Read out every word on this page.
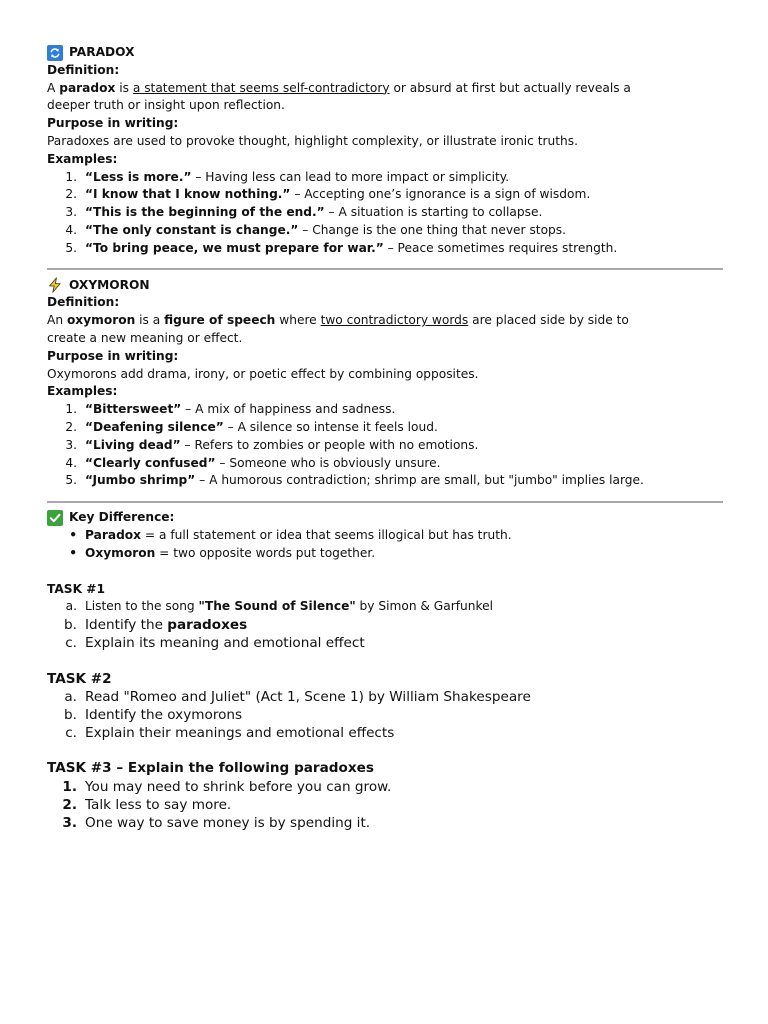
PARADOX

Definition:

A paradox is a statement that seems self-contradictory or absurd at first but actually reveals a

deeper truth or insight upon reflection.

Purpose in writing:

Paradoxes are used to provoke thought, highlight complexity, or illustrate ironic truths.

Examples:

1. “Less is more.” – Having less can lead to more impact or simplicity.
2. “I know that I know nothing.” – Accepting one’s ignorance is a sign of wisdom.
3. “This is the beginning of the end.” – A situation is starting to collapse.
4. “The only constant is change.” – Change is the one thing that never stops.
5. “To bring peace, we must prepare for war.” – Peace sometimes requires strength.
OXYMORON

Definition:

An oxymoron is a figure of speech where two contradictory words are placed side by side to

create a new meaning or effect.

Purpose in writing:

Oxymorons add drama, irony, or poetic effect by combining opposites.

Examples:

1. “Bittersweet” – A mix of happiness and sadness.
2. “Deafening silence” – A silence so intense it feels loud.
3. “Living dead” – Refers to zombies or people with no emotions.
4. “Clearly confused” – Someone who is obviously unsure.
5. “Jumbo shrimp” – A humorous contradiction; shrimp are small, but "jumbo" implies large.
Key Difference:
• Paradox = a full statement or idea that seems illogical but has truth.
• Oxymoron = two opposite words put together.

TASK #1

a. Listen to the song "The Sound of Silence" by Simon & Garfunkel
b. Identify the paradoxes
c. Explain its meaning and emotional effect

TASK #2

a. Read "Romeo and Juliet" (Act 1, Scene 1) by William Shakespeare
b. Identify the oxymorons
c. Explain their meanings and emotional effects

TASK #3 – Explain the following paradoxes

1. You may need to shrink before you can grow.
2. Talk less to say more.
3. One way to save money is by spending it.
